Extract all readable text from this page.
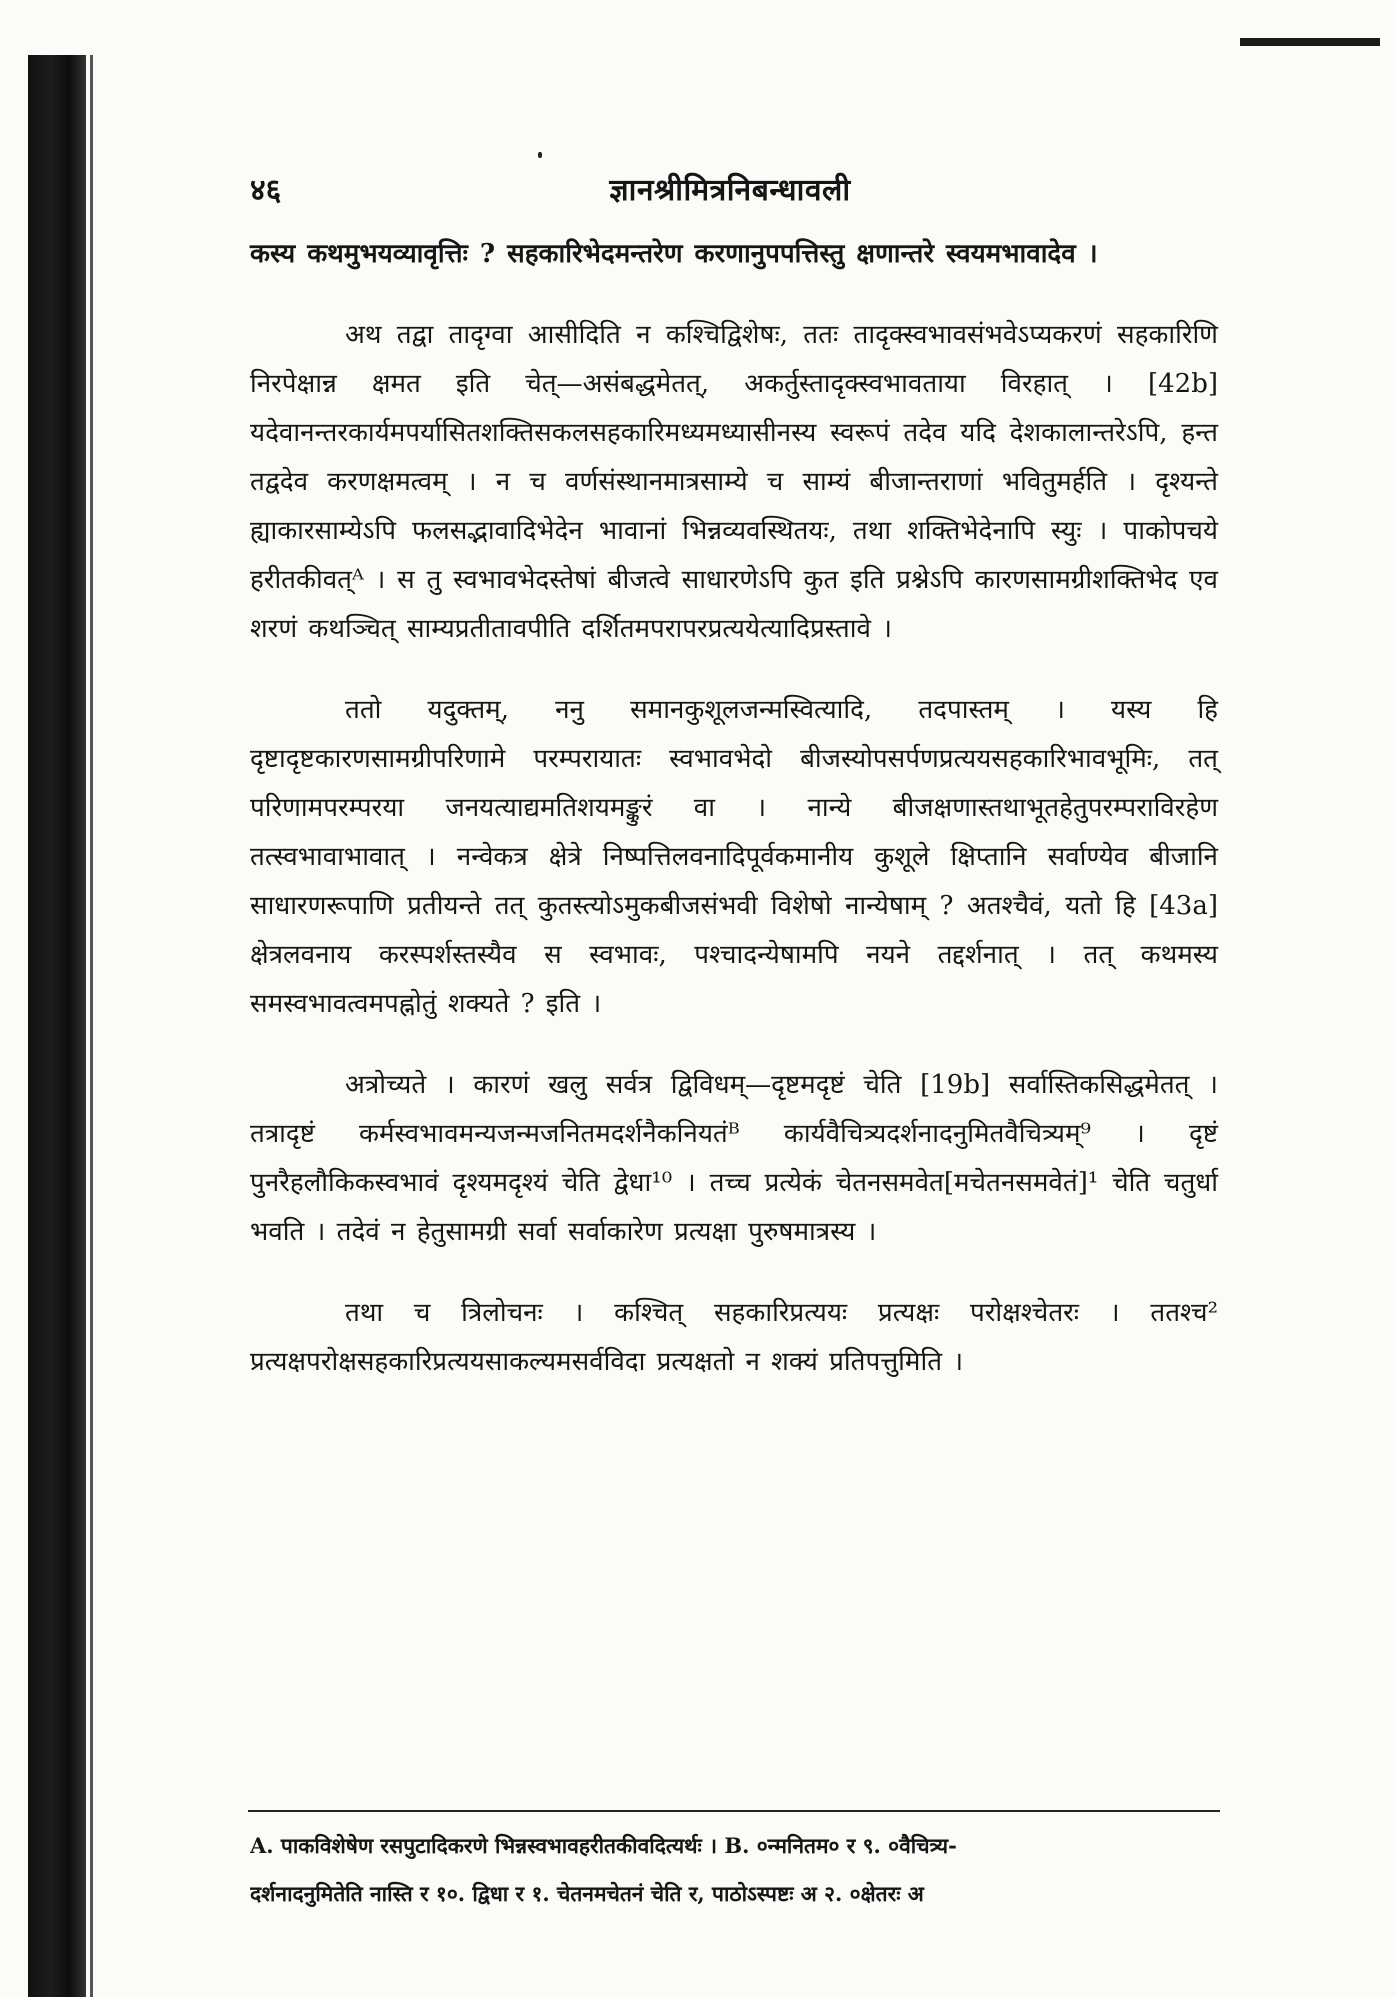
४६	ज्ञानश्रीमित्रनिबन्धावली

कस्य कथमुभयव्यावृत्तिः ? सहकारिभेदमन्तरेण करणानुपपत्तिस्तु क्षणान्तरे स्वयमभावादेव ।

अथ तद्वा तादृग्वा आसीदिति न कश्चिद्विशेषः, ततः तादृक्स्वभावसंभवेऽप्यकरणं सहकारिणि निरपेक्षान्न क्षमत इति चेत्—असंबद्धमेतत्, अकर्तुस्तादृक्स्वभावताया विरहात् । [42b] यदेवानन्तरकार्यमपर्यासितशक्तिसकलसहकारिमध्यमध्यासीनस्य स्वरूपं तदेव यदि देशकालान्तरेऽपि, हन्त तद्वदेव करणक्षमत्वम् । न च वर्णसंस्थानमात्रसाम्ये च साम्यं बीजान्तराणां भवितुमर्हति । दृश्यन्ते ह्याकारसाम्येऽपि फलसद्भावादिभेदेन भावानां भिन्नव्यवस्थितयः, तथा शक्तिभेदेनापि स्युः । पाकोपचये हरीतकीवत्ᴬ । स तु स्वभावभेदस्तेषां बीजत्वे साधारणेऽपि कुत इति प्रश्नेऽपि कारणसामग्रीशक्तिभेद एव शरणं कथञ्चित् साम्यप्रतीतावपीति दर्शितमपरापरप्रत्ययेत्यादिप्रस्तावे ।

ततो यदुक्तम्, ननु समानकुशूलजन्मस्वित्यादि, तदपास्तम् । यस्य हि दृष्टादृष्टकारणसामग्रीपरिणामे परम्परायातः स्वभावभेदो बीजस्योपसर्पणप्रत्ययसहकारिभावभूमिः, तत् परिणामपरम्परया जनयत्याद्यमतिशयमङ्कुरं वा । नान्ये बीजक्षणास्तथाभूतहेतुपरम्पराविरहेण तत्स्वभावाभावात् । नन्वेकत्र क्षेत्रे निष्पत्तिलवनादिपूर्वकमानीय कुशूले क्षिप्तानि सर्वाण्येव बीजानि साधारणरूपाणि प्रतीयन्ते तत् कुतस्त्योऽमुकबीजसंभवी विशेषो नान्येषाम् ? अतश्चैवं, यतो हि [43a] क्षेत्रलवनाय करस्पर्शस्तस्यैव स स्वभावः, पश्चादन्येषामपि नयने तद्दर्शनात् । तत् कथमस्य समस्वभावत्वमपह्नोतुं शक्यते ? इति ।

अत्रोच्यते । कारणं खलु सर्वत्र द्विविधम्—दृष्टमदृष्टं चेति [19b] सर्वास्तिकसिद्धमेतत् । तत्रादृष्टं कर्मस्वभावमन्यजन्मजनितमदर्शनैकनियतंᴮ कार्यवैचित्र्यदर्शनादनुमितवैचित्र्यम्⁹ । दृष्टं पुनरैहलौकिकस्वभावं दृश्यमदृश्यं चेति द्वेधा¹⁰ । तच्च प्रत्येकं चेतनसमवेत[मचेतनसमवेतं]¹ चेति चतुर्धा भवति । तदेवं न हेतुसामग्री सर्वा सर्वाकारेण प्रत्यक्षा पुरुषमात्रस्य ।

तथा च त्रिलोचनः । कश्चित् सहकारिप्रत्ययः प्रत्यक्षः परोक्षश्चेतरः । ततश्च² प्रत्यक्षपरोक्षसहकारिप्रत्ययसाकल्यमसर्वविदा प्रत्यक्षतो न शक्यं प्रतिपत्तुमिति ।

A. पाकविशेषेण रसपुटादिकरणे भिन्नस्वभावहरीतकीवदित्यर्थः । B. ०न्मनितम० र ९. ०वैचित्र्य-

दर्शनादनुमितेति नास्ति र १०. द्विधा र १. चेतनमचेतनं चेति र, पाठोऽस्पष्टः अ २. ०क्षेतरः अ
